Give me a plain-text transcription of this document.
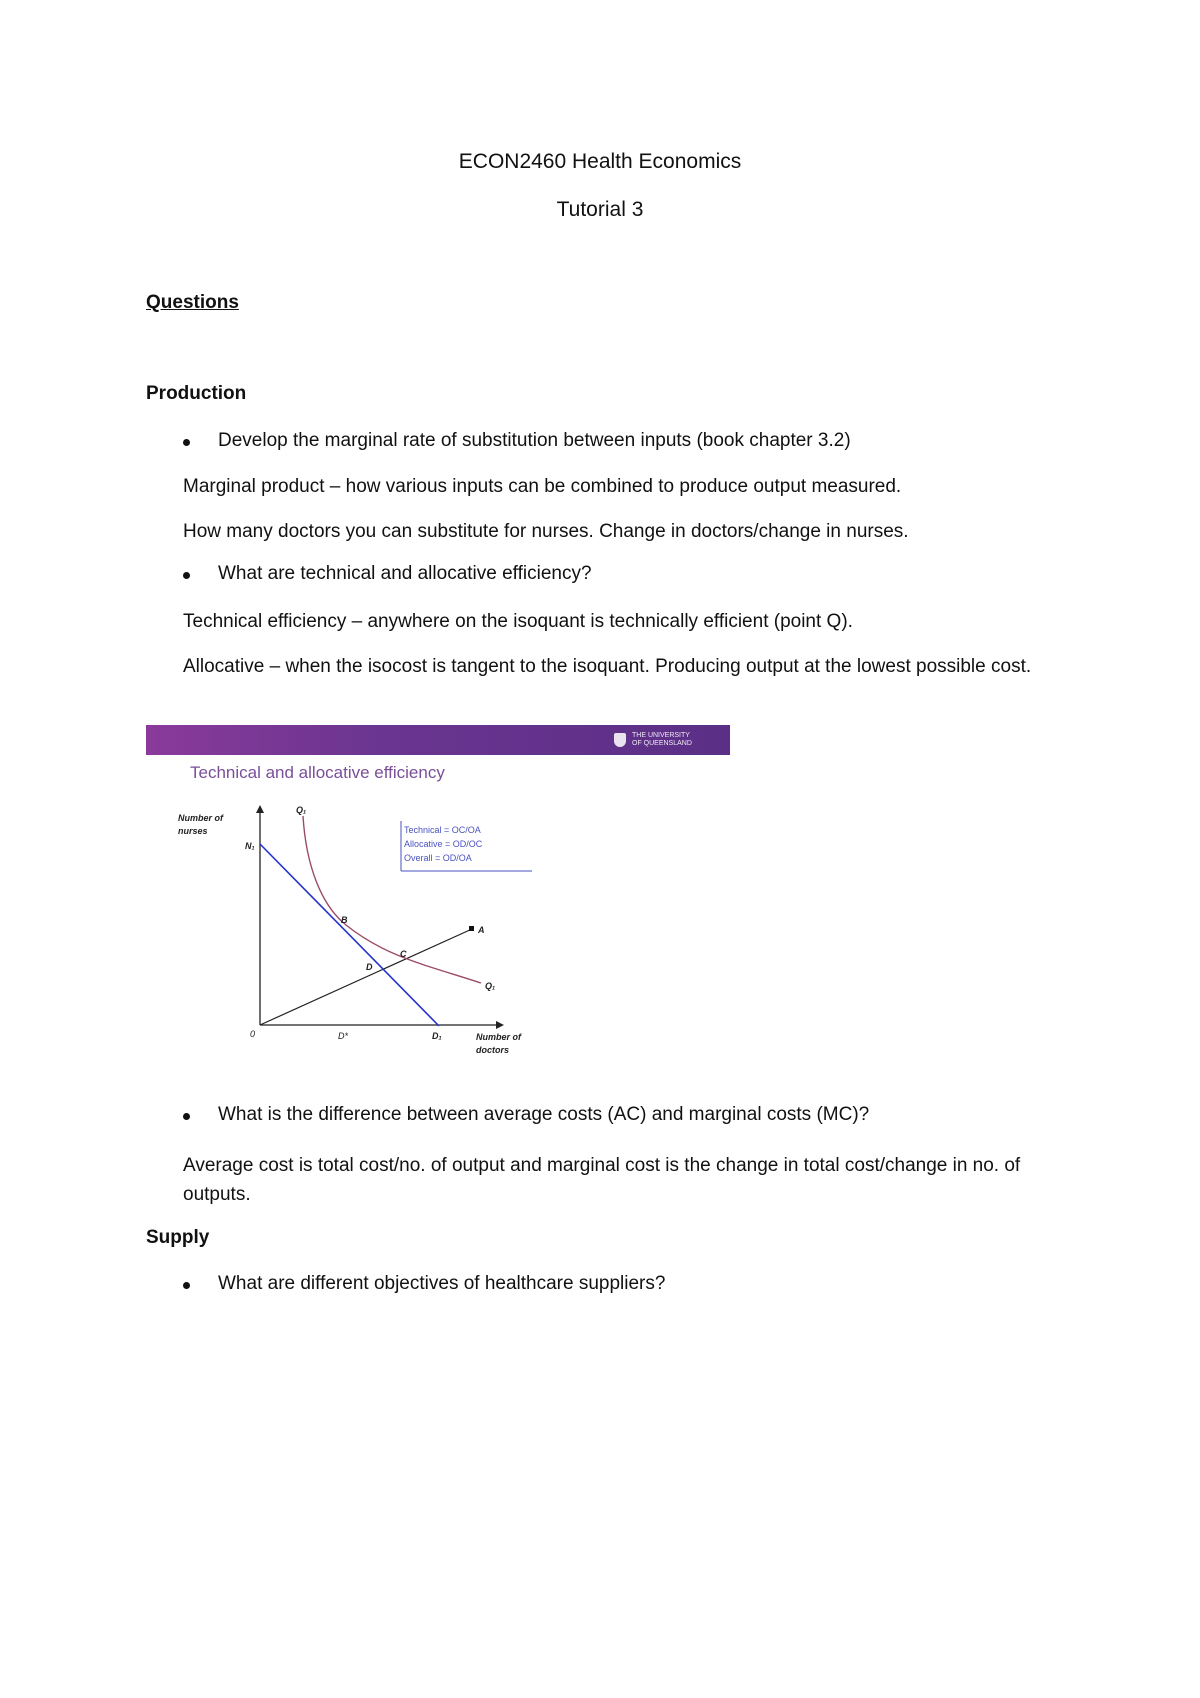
ECON2460 Health Economics
Tutorial 3
Questions
Production
Develop the marginal rate of substitution between inputs (book chapter 3.2)
Marginal product – how various inputs can be combined to produce output measured.
How many doctors you can substitute for nurses. Change in doctors/change in nurses.
What are technical and allocative efficiency?
Technical efficiency – anywhere on the isoquant is technically efficient (point Q).
Allocative – when the isocost is tangent to the isoquant. Producing output at the lowest possible cost.
THE UNIVERSITY
OF QUEENSLAND
Technical and allocative efficiency
Technical = OC/OA
Allocative = OD/OC
Overall = OD/OA
Number of
nurses
Number of
doctors
0
N₁
Q₁
Q₁
A
B
C
D
D*	D₁
What is the difference between average costs (AC) and marginal costs (MC)?
Average cost is total cost/no. of output and marginal cost is the change in total cost/change in no. of outputs.
Supply
What are different objectives of healthcare suppliers?
